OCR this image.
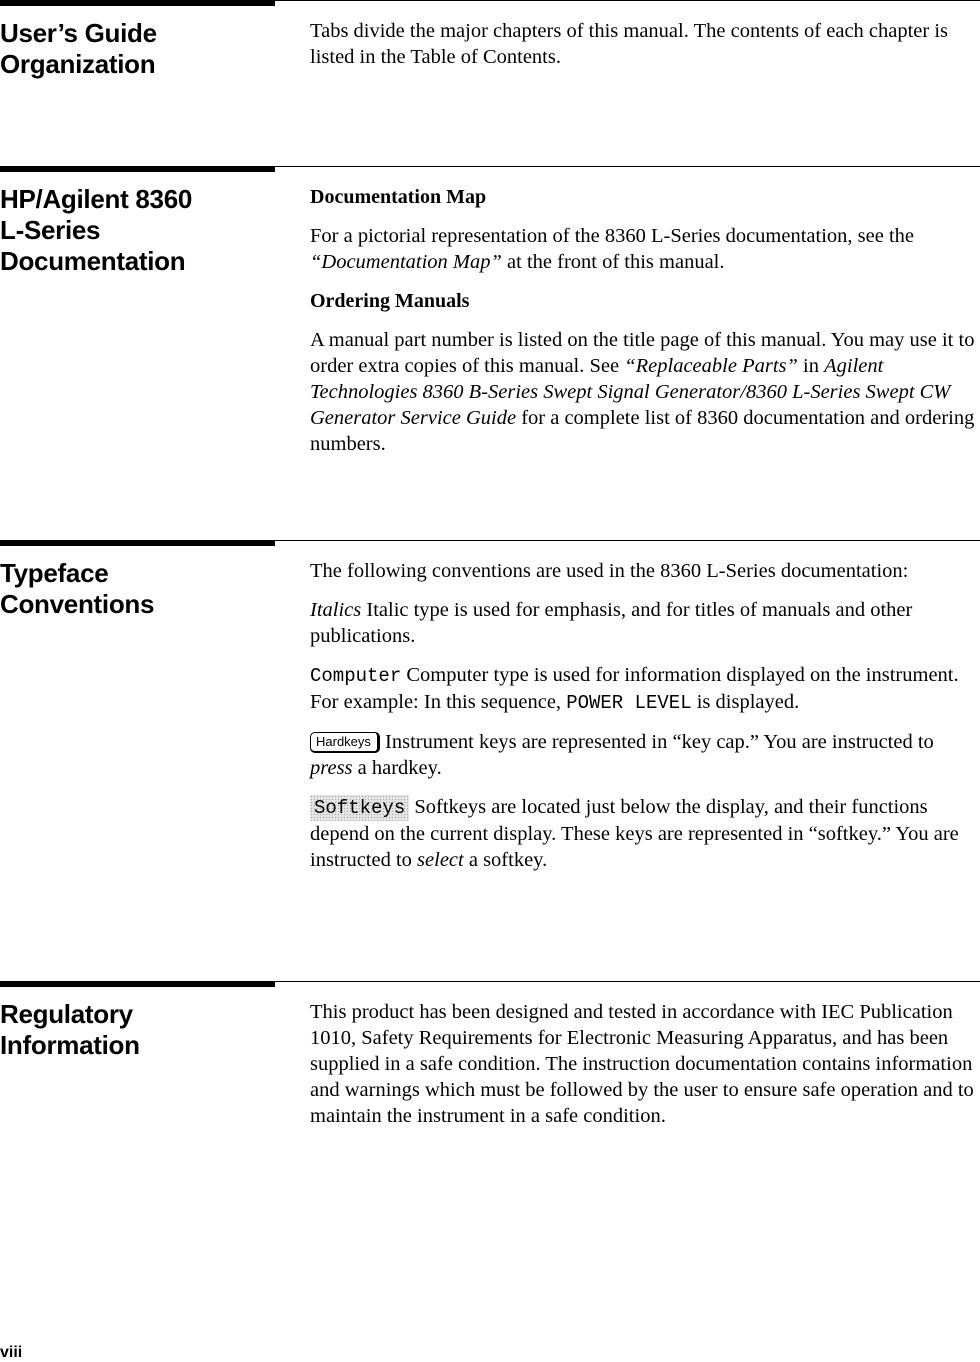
User’s Guide
Organization

Tabs divide the major chapters of this manual. The contents of each chapter is listed in the Table of Contents.

HP/Agilent 8360
L-Series
Documentation

Documentation Map

For a pictorial representation of the 8360 L-Series documentation, see the “Documentation Map” at the front of this manual.

Ordering Manuals

A manual part number is listed on the title page of this manual. You may use it to order extra copies of this manual. See “Replaceable Parts” in Agilent Technologies 8360 B-Series Swept Signal Generator/8360 L-Series Swept CW Generator Service Guide for a complete list of 8360 documentation and ordering numbers.

Typeface
Conventions

The following conventions are used in the 8360 L-Series documentation:

Italics Italic type is used for emphasis, and for titles of manuals and other publications.

Computer Computer type is used for information displayed on the instrument. For example: In this sequence, POWER LEVEL is displayed.

Hardkeys Instrument keys are represented in “key cap.” You are instructed to press a hardkey.

Softkeys Softkeys are located just below the display, and their functions depend on the current display. These keys are represented in “softkey.” You are instructed to select a softkey.

Regulatory
Information

This product has been designed and tested in accordance with IEC Publication 1010, Safety Requirements for Electronic Measuring Apparatus, and has been supplied in a safe condition. The instruction documentation contains information and warnings which must be followed by the user to ensure safe operation and to maintain the instrument in a safe condition.

viii
